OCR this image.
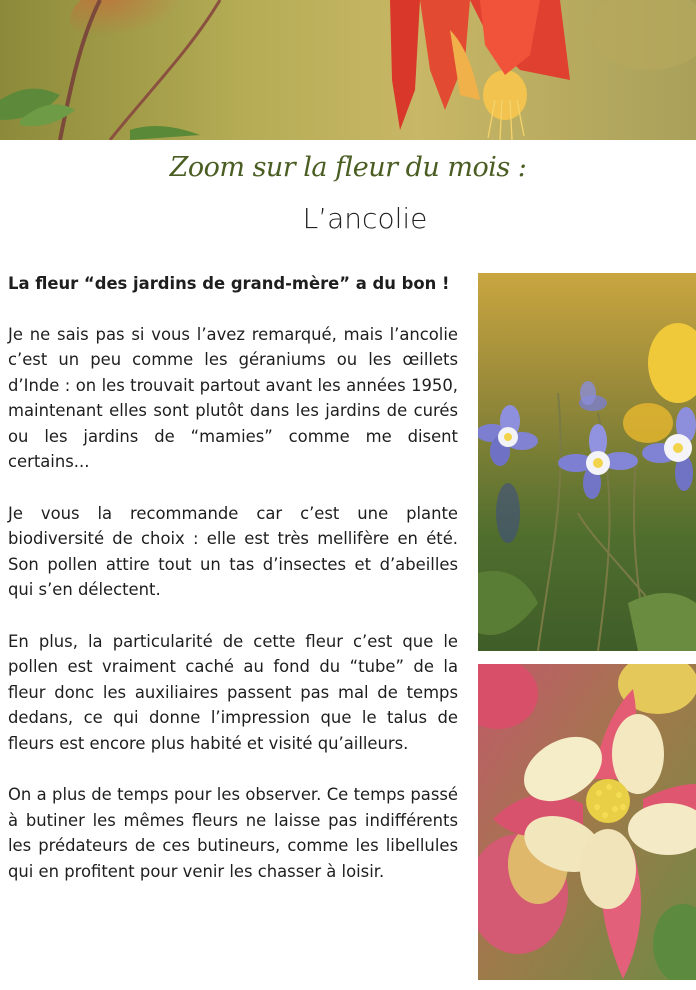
Zoom sur la fleur du mois :
L’ancolie

La fleur “des jardins de grand-mère” a du bon !

Je ne sais pas si vous l’avez remarqué, mais l’ancolie c’est un peu comme les géraniums ou les œillets d’Inde : on les trouvait partout avant les années 1950, maintenant elles sont plutôt dans les jardins de curés ou les jardins de “mamies” comme me disent certains...

Je vous la recommande car c’est une plante biodiversité de choix : elle est très mellifère en été. Son pollen attire tout un tas d’insectes et d’abeilles qui s’en délectent.

En plus, la particularité de cette fleur c’est que le pollen est vraiment caché au fond du “tube” de la fleur donc les auxiliaires passent pas mal de temps dedans, ce qui donne l’impression que le talus de fleurs est encore plus habité et visité qu’ailleurs.

On a plus de temps pour les observer. Ce temps passé à butiner les mêmes fleurs ne laisse pas indifférents les prédateurs de ces butineurs, comme les libellules qui en profitent pour venir les chasser à loisir.
